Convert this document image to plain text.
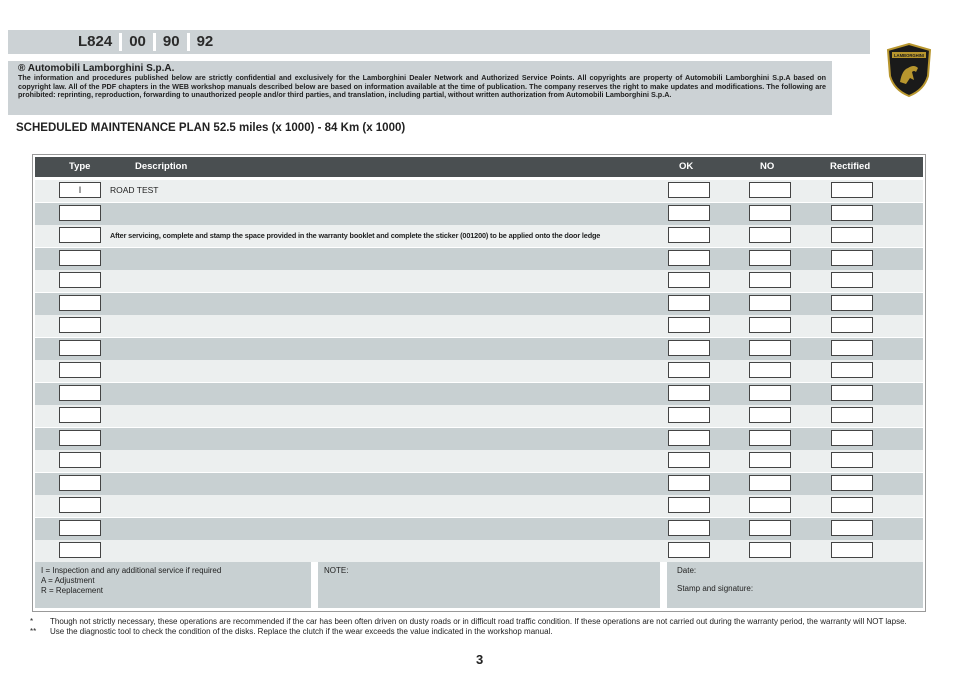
L824	00	90	92
LAMBORGHINI
® Automobili Lamborghini S.p.A.
The information and procedures published below are strictly confidential and exclusively for the Lamborghini Dealer Network and Authorized Service Points. All copyrights are property of Automobili Lamborghini S.p.A based on copyright law. All of the PDF chapters in the WEB workshop manuals described below are based on information available at the time of publication. The company reserves the right to make updates and modifications. The following are prohibited: reprinting, reproduction, forwarding to unauthorized people and/or third parties, and translation, including partial, without written authorization from Automobili Lamborghini S.p.A.
SCHEDULED MAINTENANCE PLAN 52.5 miles (x 1000) - 84 Km (x 1000)
Type	Description	OK	NO	Rectified
I	ROAD TEST
After servicing, complete and stamp the space provided in the warranty booklet and complete the sticker (001200) to be applied onto the door ledge
I = Inspection and any additional service if required
A = Adjustment
R = Replacement
NOTE:	Date:
Stamp and signature:
*	Though not strictly necessary, these operations are recommended if the car has been often driven on dusty roads or in difficult road traffic condition. If these operations are not carried out during the warranty period, the warranty will NOT lapse.
**	Use the diagnostic tool to check the condition of the disks. Replace the clutch if the wear exceeds the value indicated in the workshop manual.
3
